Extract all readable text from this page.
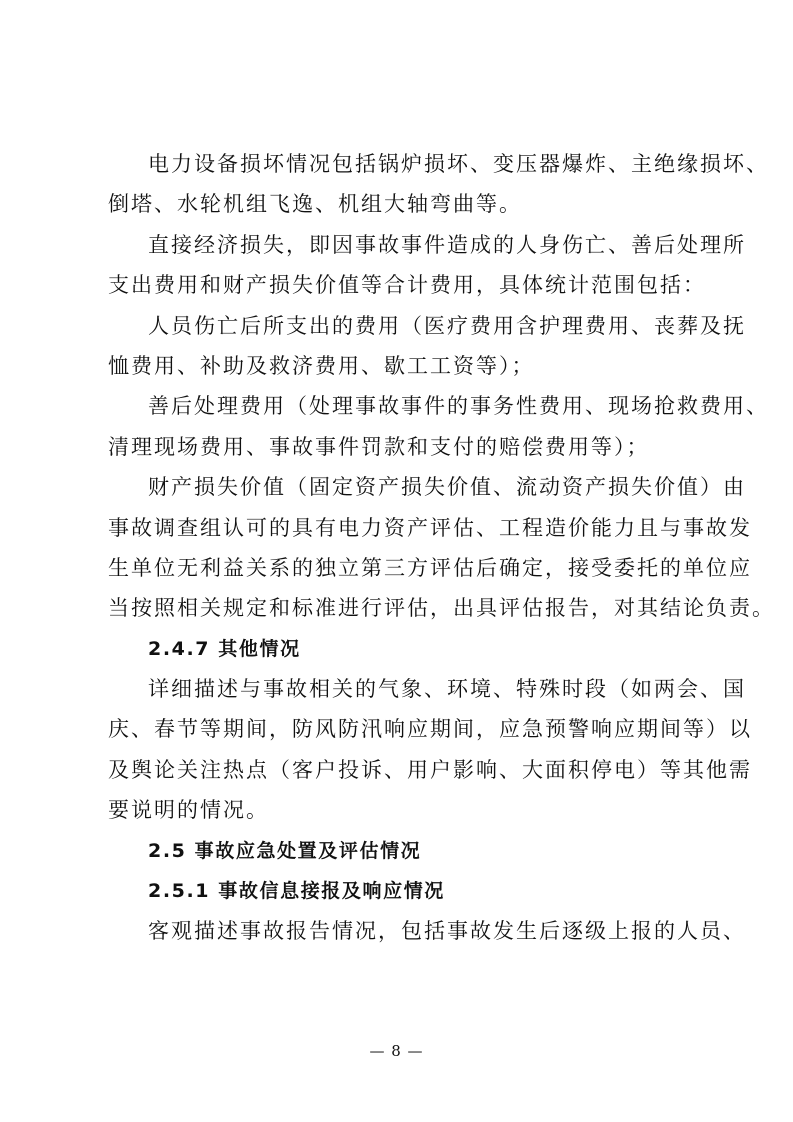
电力设备损坏情况包括锅炉损坏、变压器爆炸、主绝缘损坏、
倒塔、水轮机组飞逸、机组大轴弯曲等。
直接经济损失，即因事故事件造成的人身伤亡、善后处理所
支出费用和财产损失价值等合计费用，具体统计范围包括：
人员伤亡后所支出的费用（医疗费用含护理费用、丧葬及抚
恤费用、补助及救济费用、歇工工资等）；
善后处理费用（处理事故事件的事务性费用、现场抢救费用、
清理现场费用、事故事件罚款和支付的赔偿费用等）；
财产损失价值（固定资产损失价值、流动资产损失价值）由
事故调查组认可的具有电力资产评估、工程造价能力且与事故发
生单位无利益关系的独立第三方评估后确定，接受委托的单位应
当按照相关规定和标准进行评估，出具评估报告，对其结论负责。
2.4.7 其他情况
详细描述与事故相关的气象、环境、特殊时段（如两会、国
庆、春节等期间，防风防汛响应期间，应急预警响应期间等）以
及舆论关注热点（客户投诉、用户影响、大面积停电）等其他需
要说明的情况。
2.5 事故应急处置及评估情况
2.5.1 事故信息接报及响应情况
客观描述事故报告情况，包括事故发生后逐级上报的人员、
— 8 —
